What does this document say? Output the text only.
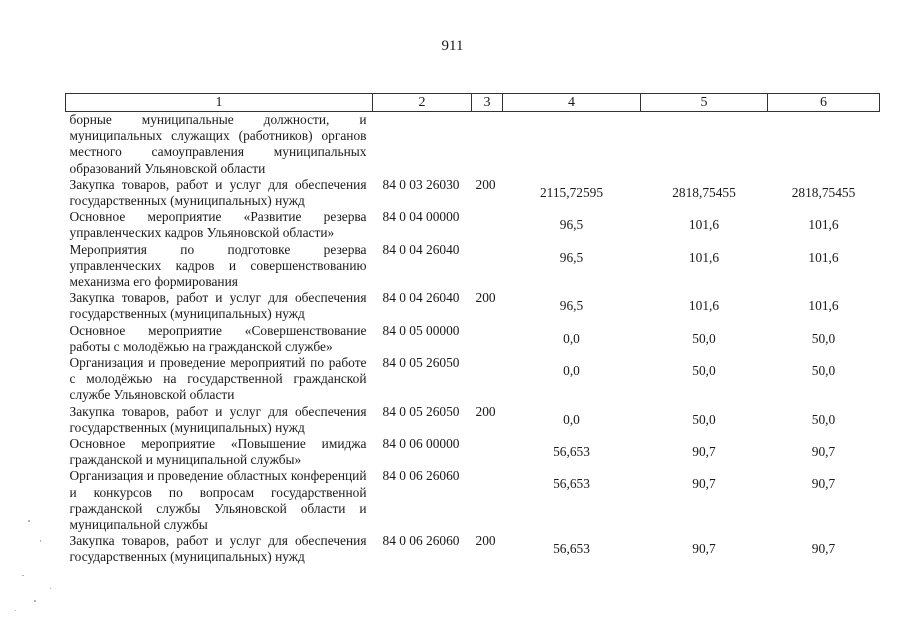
911
1	2	3	4	5	6
борные муниципальные должности, и муниципальных служащих (работников) органов местного самоуправления муниципальных образований Ульяновской области					
Закупка товаров, работ и услуг для обеспечения государственных (муниципальных) нужд	84 0 03 26030	200	2115,72595	2818,75455	2818,75455
Основное мероприятие «Развитие резерва управленческих кадров Ульяновской области»	84 0 04 00000		96,5	101,6	101,6
Мероприятия по подготовке резерва управленческих кадров и совершенствованию механизма его формирования	84 0 04 26040		96,5	101,6	101,6
Закупка товаров, работ и услуг для обеспечения государственных (муниципальных) нужд	84 0 04 26040	200	96,5	101,6	101,6
Основное мероприятие «Совершенствование работы с молодёжью на гражданской службе»	84 0 05 00000		0,0	50,0	50,0
Организация и проведение мероприятий по работе с молодёжью на государственной гражданской службе Ульяновской области	84 0 05 26050		0,0	50,0	50,0
Закупка товаров, работ и услуг для обеспечения государственных (муниципальных) нужд	84 0 05 26050	200	0,0	50,0	50,0
Основное мероприятие «Повышение имиджа гражданской и муниципальной службы»	84 0 06 00000		56,653	90,7	90,7
Организация и проведение областных конференций и конкурсов по вопросам государственной гражданской службы Ульяновской области и муниципальной службы	84 0 06 26060		56,653	90,7	90,7
Закупка товаров, работ и услуг для обеспечения государственных (муниципальных) нужд	84 0 06 26060	200	56,653	90,7	90,7
